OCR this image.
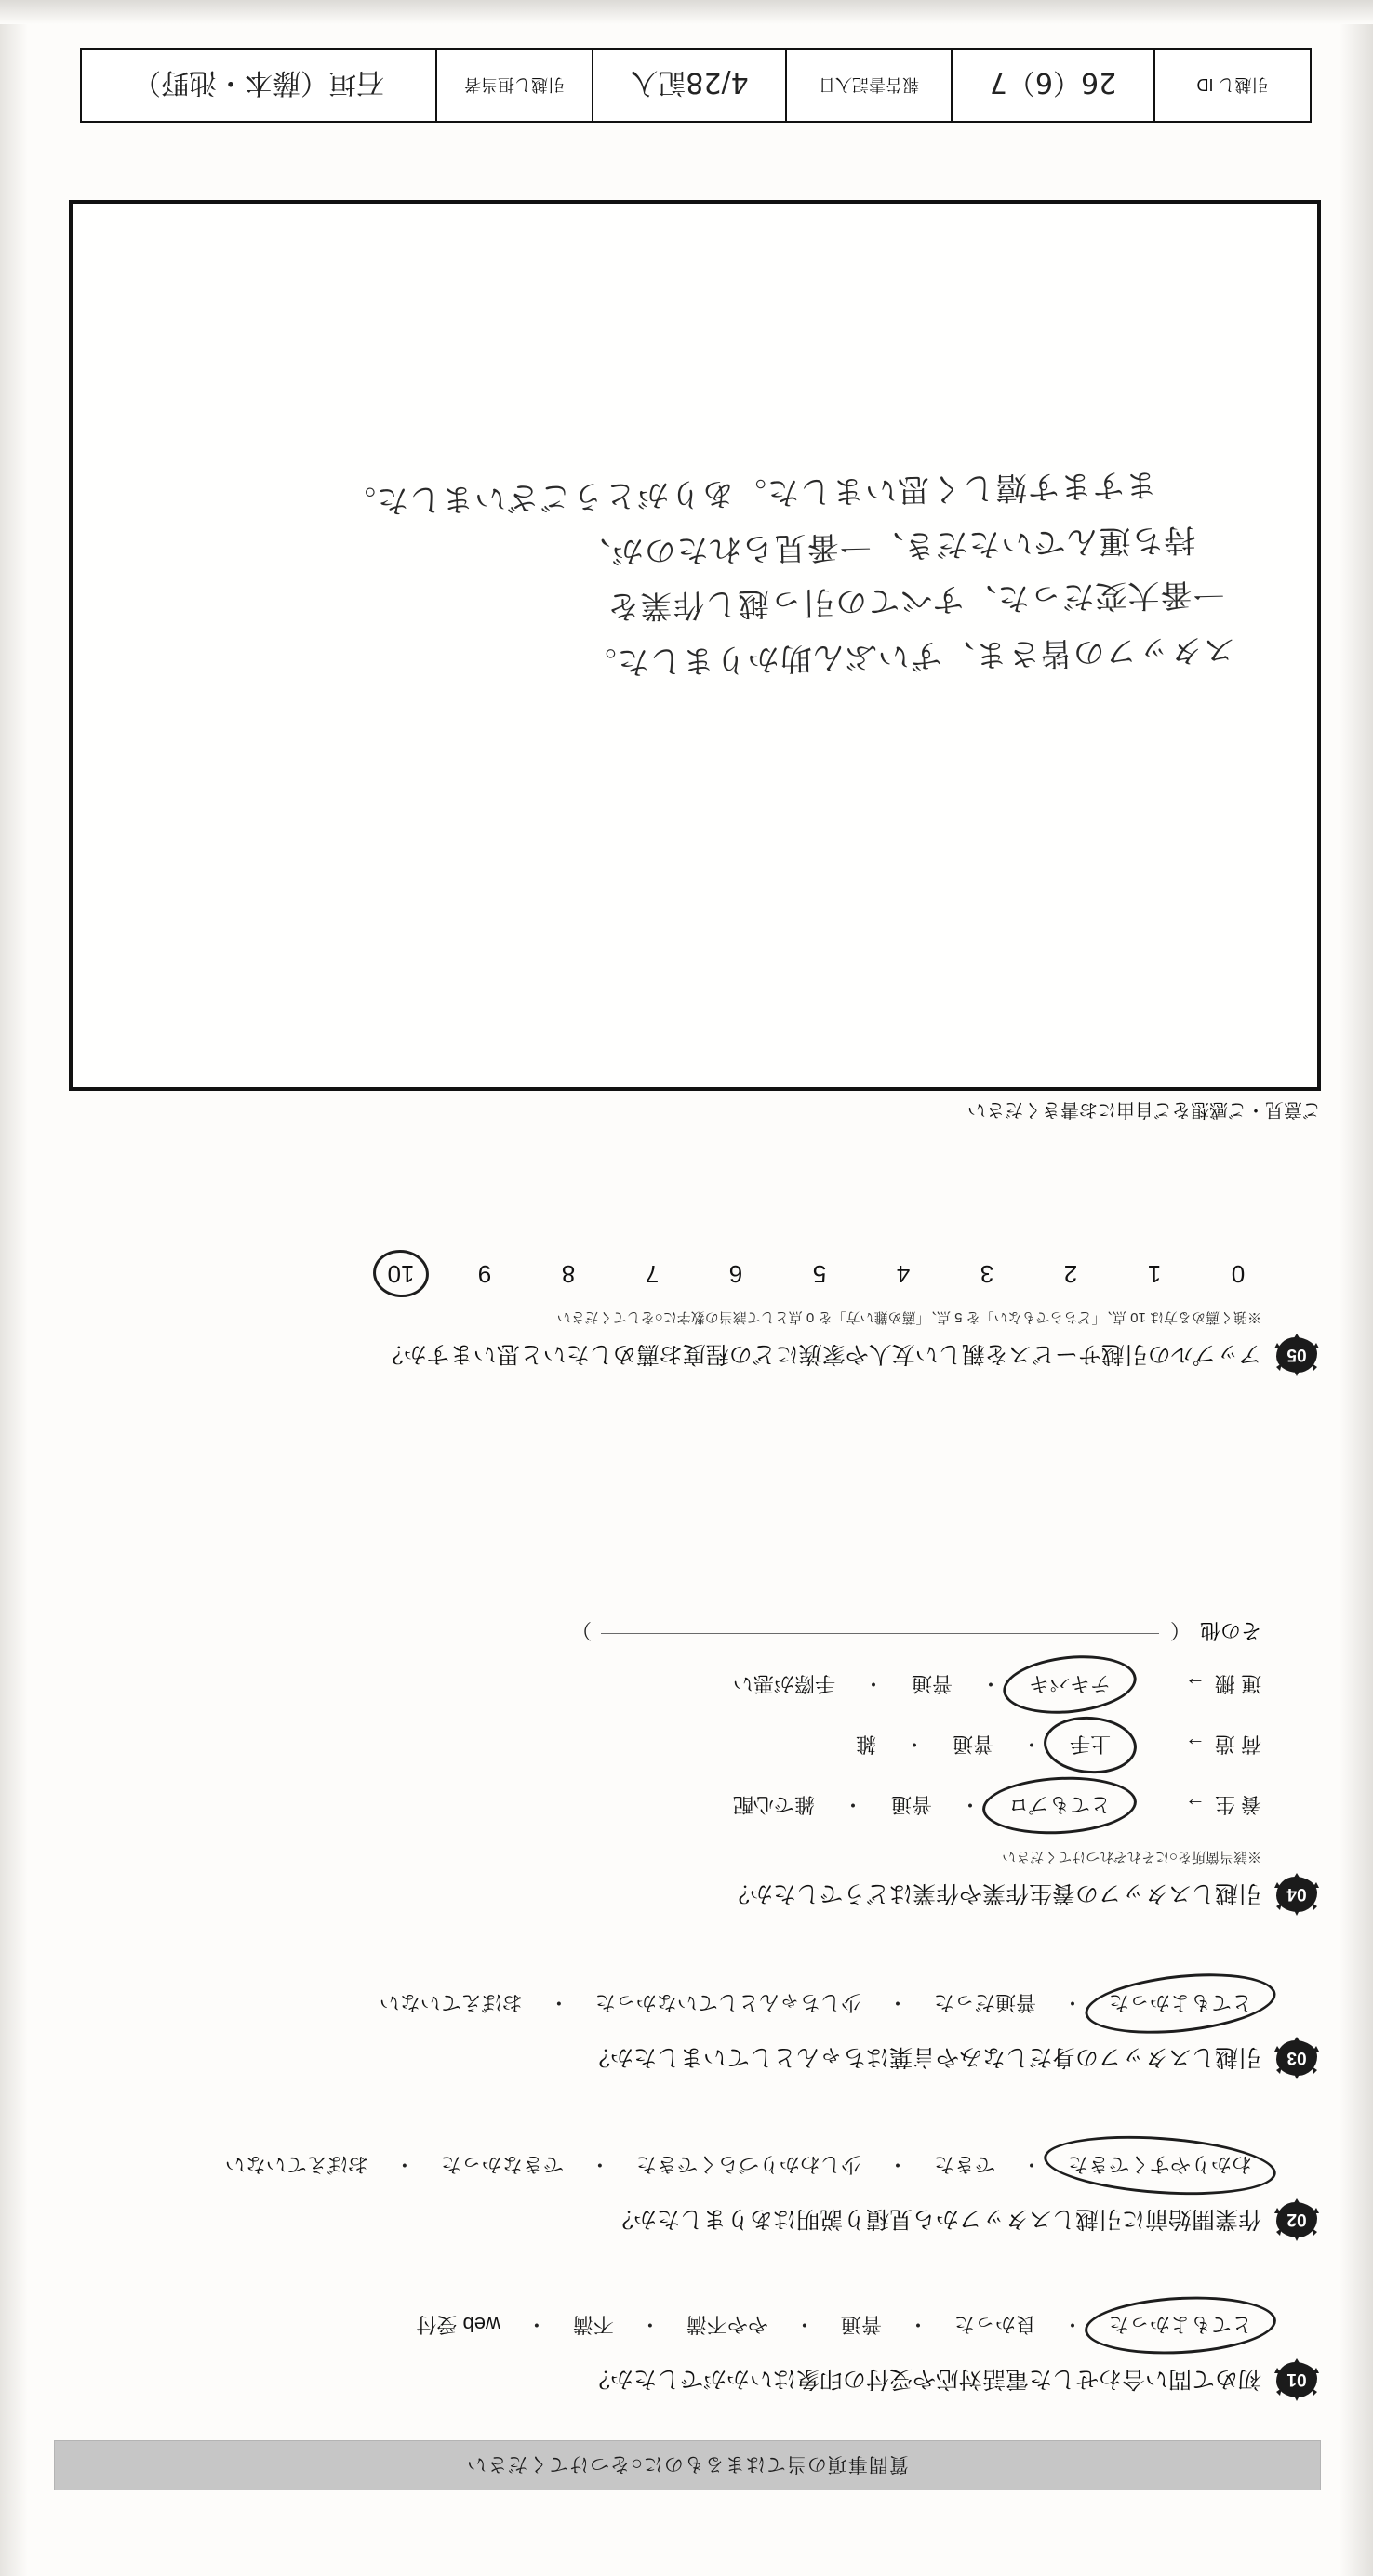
質問事項の当てはまるものに○をつけてください
01
初めて問い合わせした電話対応や受付の印象はいかがでしたか？
とてもよかった
・
良かった
・
普通
・
やや不満
・
不満
・
web 受付
02
作業開始前に引越しスタッフから見積り説明はありましたか？
わかりやすくできた
・
できた
・
少しわかりづらくできた
・
できなかった
・
おぼえていない
03
引越しスタッフの身だしなみや言葉はちゃんとしていましたか？
とてもよかった
・
普通だった
・
少しちゃんとしていなかった
・
おぼえていない
04
引越しスタッフの養生作業や作業はどうでしたか？
※該当箇所を○にそれぞれつけてください
養 生
→
とてもプロ
・
普通
・
雑で心配
荷 造
→
上手
・
普通
・
雑
運 搬
→
テキパキ
・
普通
・
手際が悪い
その他
（
）
05
アップルの引越サービスを親しい友人や家族にどの程度お薦めしたいと思いますか？
※強く薦める方は 10 点、「どちらでもない」を 5 点、「薦め難い方」を 0 点として該当の数字に○をしてください
0
1
2
3
4
5
6
7
8
9
10
ご意見・ご感想をご自由にお書きください
スタッフの皆さま、ずいぶん助かりました。
一番大変だった、すべての引っ越し作業を
持ち運んでいただき、一番見られたのが、
ますます嬉しく思いました。ありがとうございました。
引越し ID
26（6）7
報告書記入日
4/28記入
引越し担当者
石垣（藤本・池野）
